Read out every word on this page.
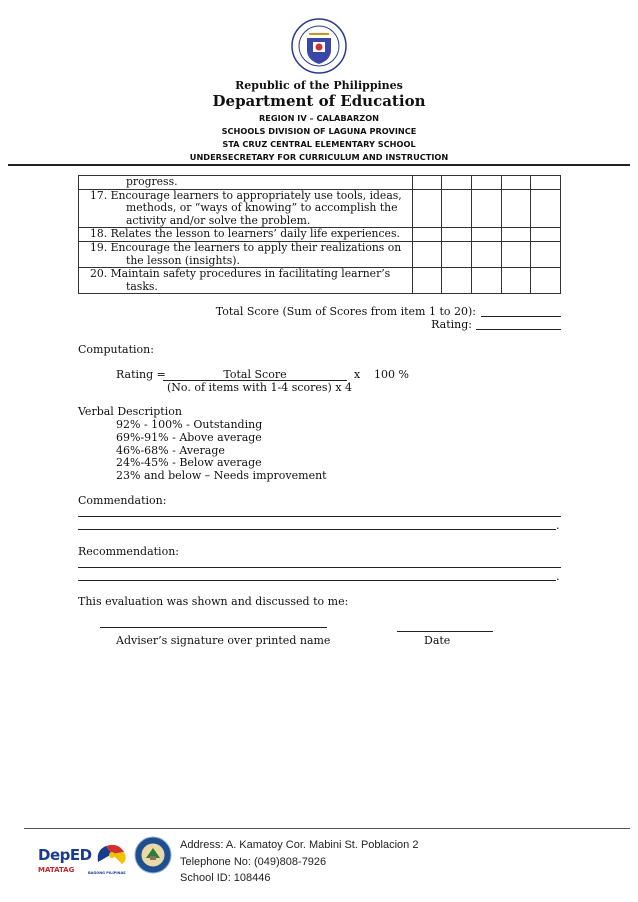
Republic of the Philippines
Department of Education
REGION IV – CALABARZON
SCHOOLS DIVISION OF LAGUNA PROVINCE
STA CRUZ CENTRAL ELEMENTARY SCHOOL
UNDERSECRETARY FOR CURRICULUM AND INSTRUCTION
progress.					

17. Encourage learners to appropriately use tools, ideas,
methods, or “ways of knowing” to accomplish the
activity and/or solve the problem.					

18. Relates the lesson to learners’ daily life experiences.					

19. Encourage the learners to apply their realizations on
the lesson (insights).					

20. Maintain safety procedures in facilitating learner’s
tasks.					

Total Score (Sum of Scores from item 1 to 20):
Rating:
Computation:
Rating =	Total Score	x 100 %
(No. of items with 1-4 scores) x 4
Verbal Description
92% - 100% - Outstanding
69%-91% - Above average
46%-68% - Average
24%-45% - Below average
23% and below – Needs improvement
Commendation:
.
Recommendation:
.
This evaluation was shown and discussed to me:
Adviser’s signature over printed name	Date
DepED
MATATAG	BAGONG PILIPINAS
Address: A. Kamatoy Cor. Mabini St. Poblacion 2
Telephone No: (049)808-7926
School ID: 108446
